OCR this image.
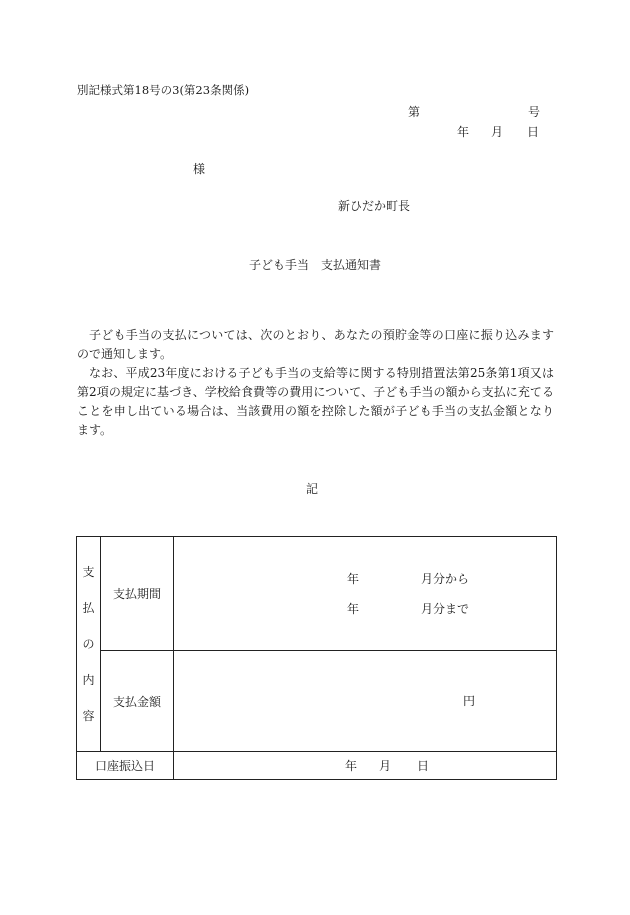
別記様式第18号の3(第23条関係)
第	号
年 月 日
様
新ひだか町長
子ども手当　支払通知書

子ども手当の支払については、次のとおり、あなたの預貯金等の口座に振り込みますので通知します。

なお、平成23年度における子ども手当の支給等に関する特別措置法第25条第1項又は第2項の規定に基づき、学校給食費等の費用について、子ども手当の額から支払に充てることを申し出ている場合は、当該費用の額を控除した額が子ども手当の支払金額となります。

記
支
払
の
内
容	支払期間	年 月分から
年 月分まで

	支払金額	円

口座振込日		年 月 日
